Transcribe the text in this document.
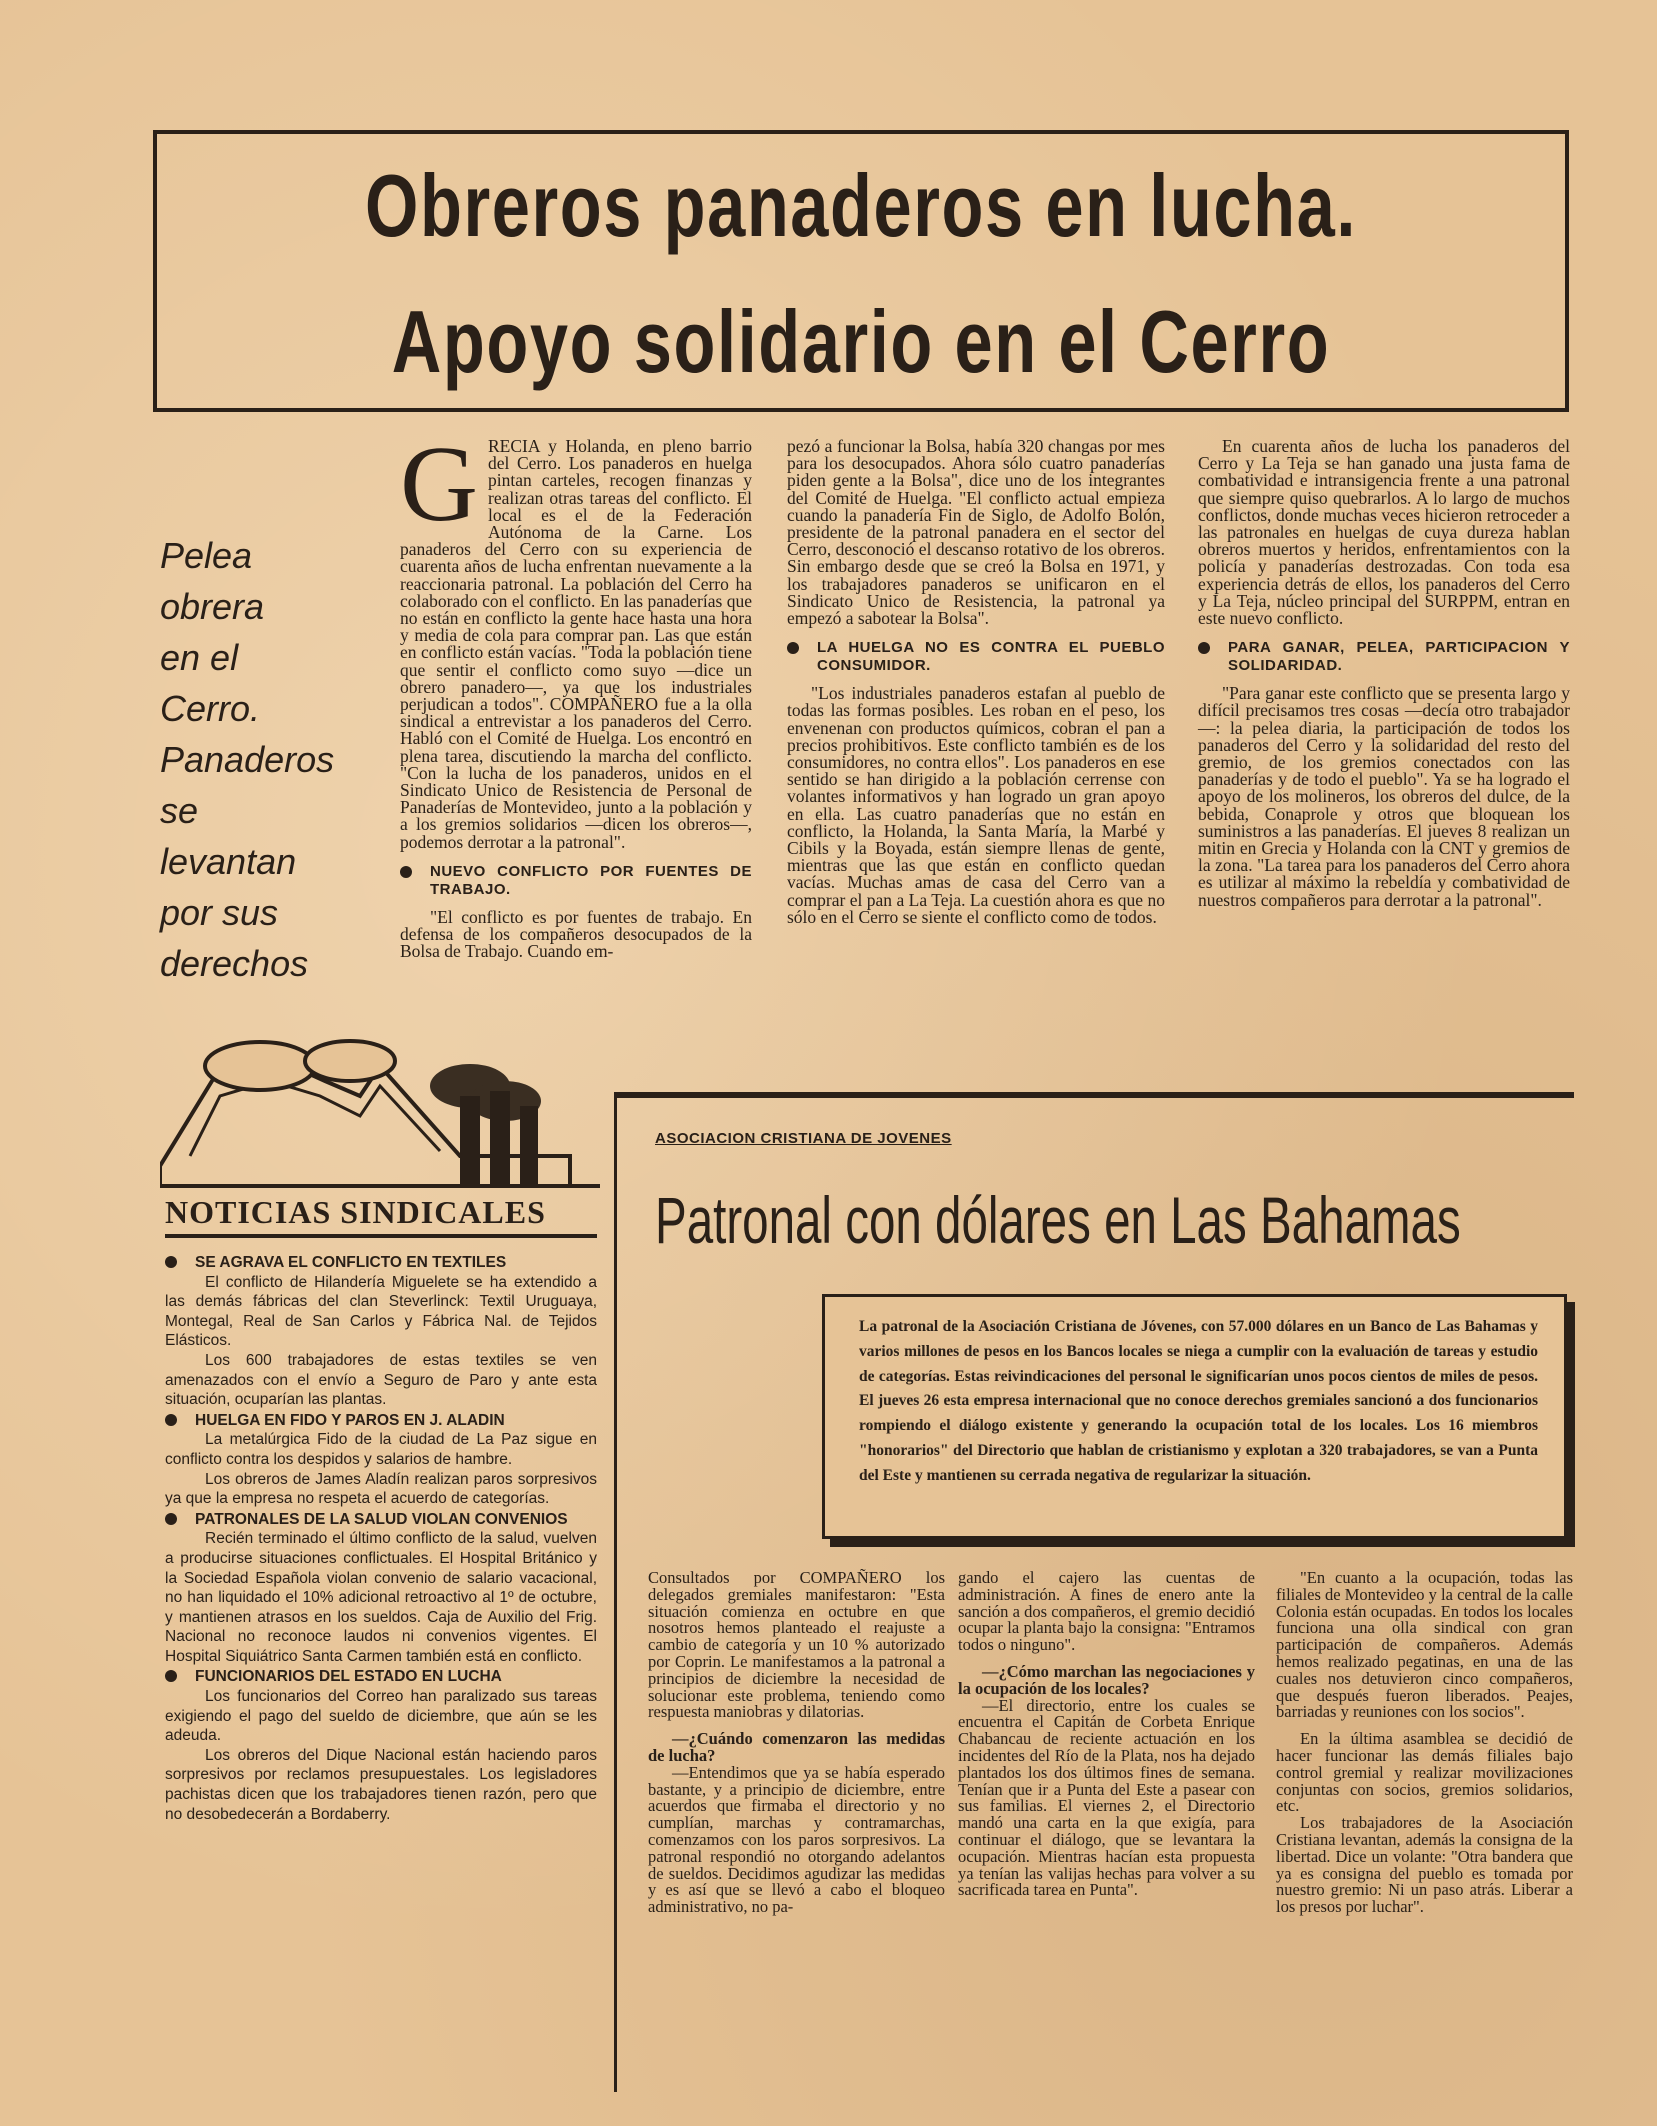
Obreros panaderos en lucha.
Apoyo solidario en el Cerro
Pelea
obrera
en el
Cerro.
Panaderos
se
levantan
por sus
derechos
G RECIA y Holanda, en pleno barrio del Cerro. Los panaderos en huelga pintan carteles, recogen finanzas y realizan otras tareas del conflicto. El local es el de la Federación Autónoma de la Carne. Los panaderos del Cerro con su experiencia de cuarenta años de lucha enfrentan nuevamente a la reaccionaria patronal. La población del Cerro ha colaborado con el conflicto. En las panaderías que no están en conflicto la gente hace hasta una hora y media de cola para comprar pan. Las que están en conflicto están vacías. "Toda la población tiene que sentir el conflicto como suyo —dice un obrero panadero—, ya que los industriales perjudican a todos". COMPAÑERO fue a la olla sindical a entrevistar a los panaderos del Cerro. Habló con el Comité de Huelga. Los encontró en plena tarea, discutiendo la marcha del conflicto. "Con la lucha de los panaderos, unidos en el Sindicato Unico de Resistencia de Personal de Panaderías de Montevideo, junto a la población y a los gremios solidarios —dicen los obreros—, podemos derrotar a la patronal".

NUEVO CONFLICTO POR FUENTES DE TRABAJO.

"El conflicto es por fuentes de trabajo. En defensa de los compañeros desocupados de la Bolsa de Trabajo. Cuando em-

pezó a funcionar la Bolsa, había 320 changas por mes para los desocupados. Ahora sólo cuatro panaderías piden gente a la Bolsa", dice uno de los integrantes del Comité de Huelga. "El conflicto actual empieza cuando la panadería Fin de Siglo, de Adolfo Bolón, presidente de la patronal panadera en el sector del Cerro, desconoció el descanso rotativo de los obreros. Sin embargo desde que se creó la Bolsa en 1971, y los trabajadores panaderos se unificaron en el Sindicato Unico de Resistencia, la patronal ya empezó a sabotear la Bolsa".

LA HUELGA NO ES CONTRA EL PUEBLO CONSUMIDOR.

"Los industriales panaderos estafan al pueblo de todas las formas posibles. Les roban en el peso, los envenenan con productos químicos, cobran el pan a precios prohibitivos. Este conflicto también es de los consumidores, no contra ellos". Los panaderos en ese sentido se han dirigido a la población cerrense con volantes informativos y han logrado un gran apoyo en ella. Las cuatro panaderías que no están en conflicto, la Holanda, la Santa María, la Marbé y Cibils y la Boyada, están siempre llenas de gente, mientras que las que están en conflicto quedan vacías. Muchas amas de casa del Cerro van a comprar el pan a La Teja. La cuestión ahora es que no sólo en el Cerro se siente el conflicto como de todos.

En cuarenta años de lucha los panaderos del Cerro y La Teja se han ganado una justa fama de combatividad e intransigencia frente a una patronal que siempre quiso quebrarlos. A lo largo de muchos conflictos, donde muchas veces hicieron retroceder a las patronales en huelgas de cuya dureza hablan obreros muertos y heridos, enfrentamientos con la policía y panaderías destrozadas. Con toda esa experiencia detrás de ellos, los panaderos del Cerro y La Teja, núcleo principal del SURPPM, entran en este nuevo conflicto.

PARA GANAR, PELEA, PARTICIPACION Y SOLIDARIDAD.

"Para ganar este conflicto que se presenta largo y difícil precisamos tres cosas —decía otro trabajador—: la pelea diaria, la participación de todos los panaderos del Cerro y la solidaridad del resto del gremio, de los gremios conectados con las panaderías y de todo el pueblo". Ya se ha logrado el apoyo de los molineros, los obreros del dulce, de la bebida, Conaprole y otros que bloquean los suministros a las panaderías. El jueves 8 realizan un mitin en Grecia y Holanda con la CNT y gremios de la zona. "La tarea para los panaderos del Cerro ahora es utilizar al máximo la rebeldía y combatividad de nuestros compañeros para derrotar a la patronal".

NOTICIAS SINDICALES
SE AGRAVA EL CONFLICTO EN TEXTILES

El conflicto de Hilandería Miguelete se ha extendido a las demás fábricas del clan Steverlinck: Textil Uruguaya, Montegal, Real de San Carlos y Fábrica Nal. de Tejidos Elásticos.

Los 600 trabajadores de estas textiles se ven amenazados con el envío a Seguro de Paro y ante esta situación, ocuparían las plantas.

HUELGA EN FIDO Y PAROS EN J. ALADIN

La metalúrgica Fido de la ciudad de La Paz sigue en conflicto contra los despidos y salarios de hambre.

Los obreros de James Aladín realizan paros sorpresivos ya que la empresa no respeta el acuerdo de categorías.

PATRONALES DE LA SALUD VIOLAN CONVENIOS

Recién terminado el último conflicto de la salud, vuelven a producirse situaciones conflictuales. El Hospital Británico y la Sociedad Española violan convenio de salario vacacional, no han liquidado el 10% adicional retroactivo al 1º de octubre, y mantienen atrasos en los sueldos. Caja de Auxilio del Frig. Nacional no reconoce laudos ni convenios vigentes. El Hospital Siquiátrico Santa Carmen también está en conflicto.

FUNCIONARIOS DEL ESTADO EN LUCHA

Los funcionarios del Correo han paralizado sus tareas exigiendo el pago del sueldo de diciembre, que aún se les adeuda.

Los obreros del Dique Nacional están haciendo paros sorpresivos por reclamos presupuestales. Los legisladores pachistas dicen que los trabajadores tienen razón, pero que no desobedecerán a Bordaberry.

ASOCIACION CRISTIANA DE JOVENES
Patronal con dólares en Las Bahamas
La patronal de la Asociación Cristiana de Jóvenes, con 57.000 dólares en un Banco de Las Bahamas y varios millones de pesos en los Bancos locales se niega a cumplir con la evaluación de tareas y estudio de categorías. Estas reivindicaciones del personal le significarían unos pocos cientos de miles de pesos. El jueves 26 esta empresa internacional que no conoce derechos gremiales sancionó a dos funcionarios rompiendo el diálogo existente y generando la ocupación total de los locales. Los 16 miembros "honorarios" del Directorio que hablan de cristianismo y explotan a 320 trabajadores, se van a Punta del Este y mantienen su cerrada negativa de regularizar la situación.

Consultados por COMPAÑERO los delegados gremiales manifestaron: "Esta situación comienza en octubre en que nosotros hemos planteado el reajuste a cambio de categoría y un 10 % autorizado por Coprin. Le manifestamos a la patronal a principios de diciembre la necesidad de solucionar este problema, teniendo como respuesta maniobras y dilatorias.

—¿Cuándo comenzaron las medidas de lucha?

—Entendimos que ya se había esperado bastante, y a principio de diciembre, entre acuerdos que firmaba el directorio y no cumplían, marchas y contramarchas, comenzamos con los paros sorpresivos. La patronal respondió no otorgando adelantos de sueldos. Decidimos agudizar las medidas y es así que se llevó a cabo el bloqueo administrativo, no pa-

gando el cajero las cuentas de administración. A fines de enero ante la sanción a dos compañeros, el gremio decidió ocupar la planta bajo la consigna: "Entramos todos o ninguno".

—¿Cómo marchan las negociaciones y la ocupación de los locales?

—El directorio, entre los cuales se encuentra el Capitán de Corbeta Enrique Chabancau de reciente actuación en los incidentes del Río de la Plata, nos ha dejado plantados los dos últimos fines de semana. Tenían que ir a Punta del Este a pasear con sus familias. El viernes 2, el Directorio mandó una carta en la que exigía, para continuar el diálogo, que se levantara la ocupación. Mientras hacían esta propuesta ya tenían las valijas hechas para volver a su sacrificada tarea en Punta".

"En cuanto a la ocupación, todas las filiales de Montevideo y la central de la calle Colonia están ocupadas. En todos los locales funciona una olla sindical con gran participación de compañeros. Además hemos realizado pegatinas, en una de las cuales nos detuvieron cinco compañeros, que después fueron liberados. Peajes, barriadas y reuniones con los socios".

En la última asamblea se decidió de hacer funcionar las demás filiales bajo control gremial y realizar movilizaciones conjuntas con socios, gremios solidarios, etc.

Los trabajadores de la Asociación Cristiana levantan, además la consigna de la libertad. Dice un volante: "Otra bandera que ya es consigna del pueblo es tomada por nuestro gremio: Ni un paso atrás. Liberar a los presos por luchar".
